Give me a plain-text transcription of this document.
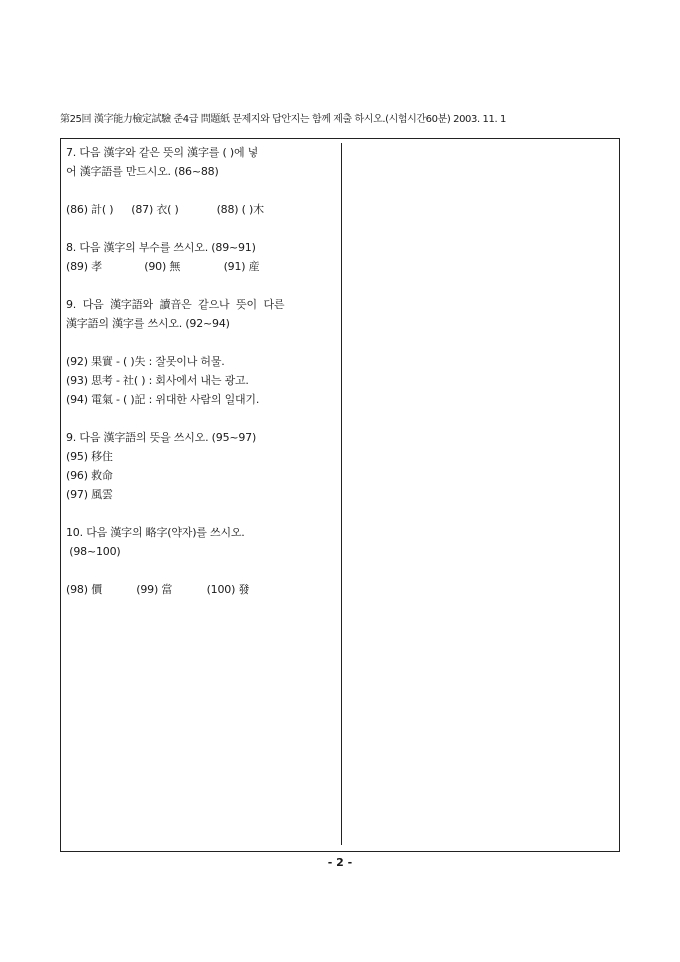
第25回 漢字能力檢定試驗 준4급 問題紙 문제지와 답안지는 함께 제출 하시오.(시험시간60분) 2003. 11. 1
7. 다음 漢字와 같은 뜻의 漢字를 ( )에 넣
어 漢字語를 만드시오. (86~88)
(86) 計( ) (87) 衣( )	(88) ( )木
8. 다음 漢字의 부수를 쓰시오. (89~91)
(89) 孝	(90) 無	(91) 産
9.  다음  漢字語와  讀音은  같으나  뜻이  다른
漢字語의 漢字를 쓰시오. (92~94)
(92) 果實 - ( )失 : 잘못이나 허물.
(93) 思考 - 社( ) : 회사에서 내는 광고.
(94) 電氣 - ( )記 : 위대한 사람의 일대기.
9. 다음 漢字語의 뜻을 쓰시오. (95~97)
(95) 移住
(96) 救命
(97) 風雲
10. 다음 漢字의 略字(약자)를 쓰시오.
(98~100)
(98) 價	(99) 當	(100) 發
- 2 -
